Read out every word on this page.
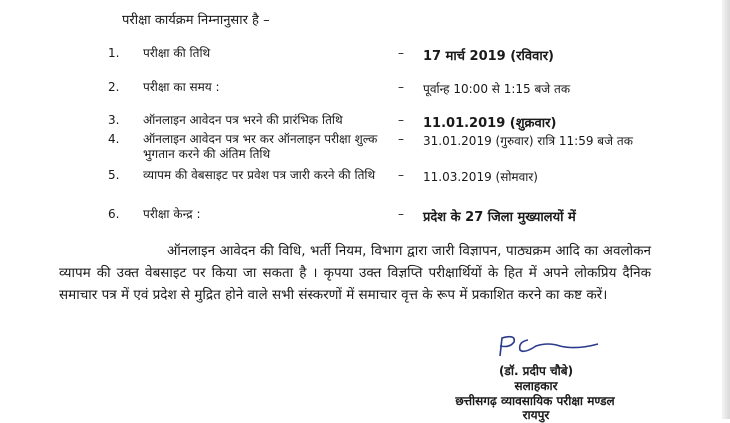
परीक्षा कार्यक्रम निम्नानुसार है –
1.	परीक्षा की तिथि	– 17 मार्च 2019 (रविवार)
2.	परीक्षा का समय :	– पूर्वान्ह 10:00 से 1:15 बजे तक
3.	ऑनलाइन आवेदन पत्र भरने की प्रारंभिक तिथि	– 11.01.2019 (शुक्रवार)
4.	ऑनलाइन आवेदन पत्र भर कर ऑनलाइन परीक्षा शुल्क भुगतान करने की अंतिम तिथि
– 31.01.2019 (गुरुवार) रात्रि 11:59 बजे तक
5.	व्यापम की वेबसाइट पर प्रवेश पत्र जारी करने की तिथि	– 11.03.2019 (सोमवार)
6.	परीक्षा केन्द्र :	– प्रदेश के 27 जिला मुख्यालयों में
ऑनलाइन आवेदन की विधि, भर्ती नियम, विभाग द्वारा जारी विज्ञापन, पाठ्यक्रम आदि का अवलोकन व्यापम की उक्त वेबसाइट पर किया जा सकता है । कृपया उक्त विज्ञप्ति परीक्षार्थियों के हित में अपने लोकप्रिय दैनिक समाचार पत्र में एवं प्रदेश से मुद्रित होने वाले सभी संस्करणों में समाचार वृत्त के रूप में प्रकाशित करने का कष्ट करें।
(डॉ. प्रदीप चौबे)
सलाहकार
छत्तीसगढ़ व्यावसायिक परीक्षा मण्डल
रायपुर
